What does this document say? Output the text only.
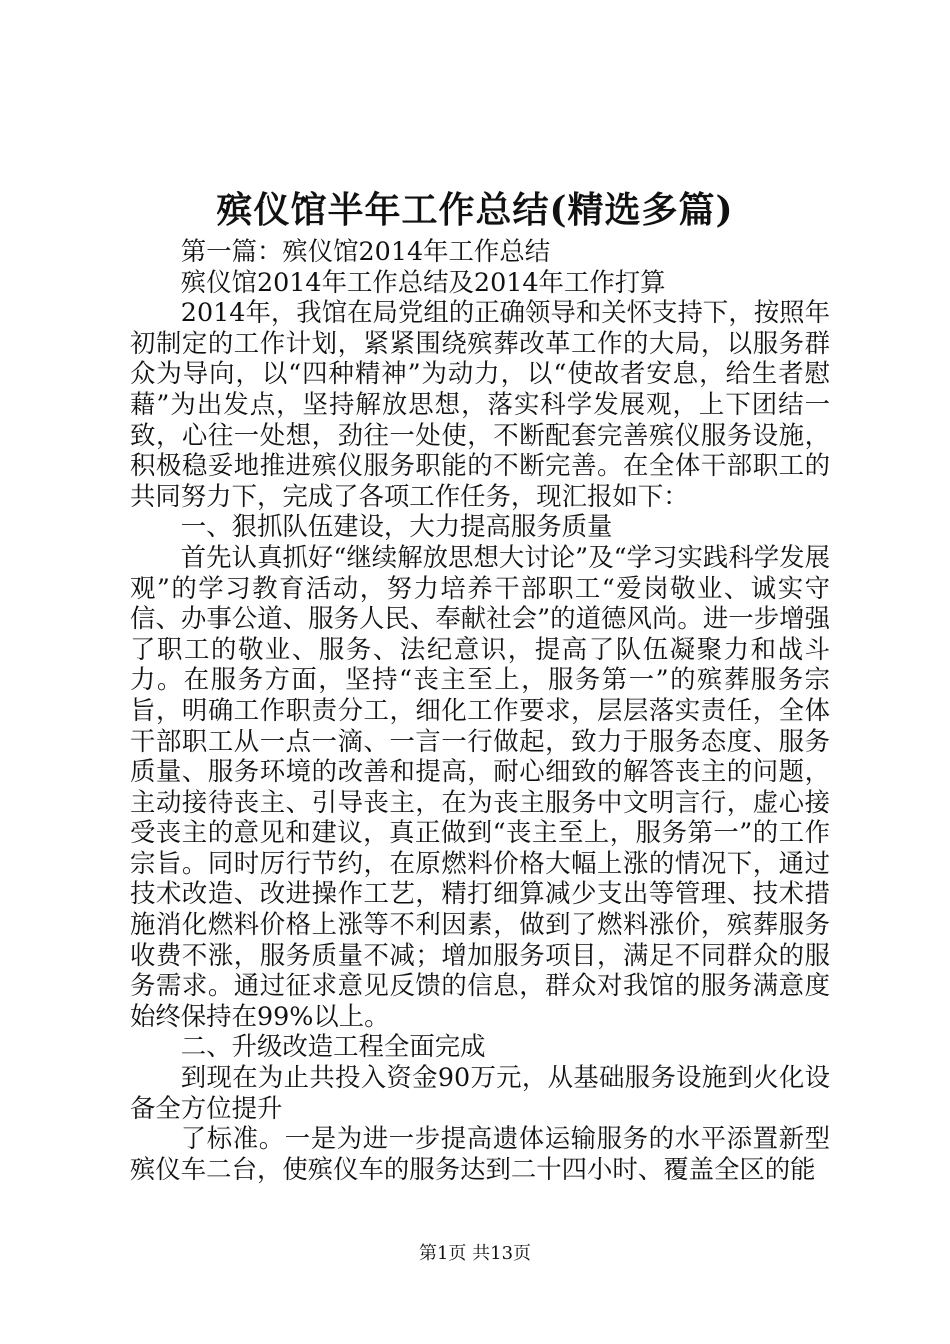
殡仪馆半年工作总结(精选多篇)

第一篇：殡仪馆2014年工作总结

殡仪馆2014年工作总结及2014年工作打算

2014年，我馆在局党组的正确领导和关怀支持下，按照年初制定的工作计划，紧紧围绕殡葬改革工作的大局，以服务群众为导向，以“四种精神”为动力，以“使故者安息，给生者慰藉”为出发点，坚持解放思想，落实科学发展观，上下团结一致，心往一处想，劲往一处使，不断配套完善殡仪服务设施，积极稳妥地推进殡仪服务职能的不断完善。在全体干部职工的共同努力下，完成了各项工作任务，现汇报如下：

一、狠抓队伍建设，大力提高服务质量

首先认真抓好“继续解放思想大讨论”及“学习实践科学发展观”的学习教育活动，努力培养干部职工“爱岗敬业、诚实守信、办事公道、服务人民、奉献社会”的道德风尚。进一步增强了职工的敬业、服务、法纪意识，提高了队伍凝聚力和战斗力。在服务方面，坚持“丧主至上，服务第一”的殡葬服务宗旨，明确工作职责分工，细化工作要求，层层落实责任，全体干部职工从一点一滴、一言一行做起，致力于服务态度、服务质量、服务环境的改善和提高，耐心细致的解答丧主的问题，主动接待丧主、引导丧主，在为丧主服务中文明言行，虚心接受丧主的意见和建议，真正做到“丧主至上，服务第一”的工作宗旨。同时厉行节约，在原燃料价格大幅上涨的情况下，通过技术改造、改进操作工艺，精打细算减少支出等管理、技术措施消化燃料价格上涨等不利因素，做到了燃料涨价，殡葬服务收费不涨，服务质量不减；增加服务项目，满足不同群众的服务需求。通过征求意见反馈的信息，群众对我馆的服务满意度始终保持在99%以上。

二、升级改造工程全面完成

到现在为止共投入资金90万元，从基础服务设施到火化设备全方位提升

了标准。一是为进一步提高遗体运输服务的水平添置新型殡仪车二台，使殡仪车的服务达到二十四小时、覆盖全区的能

第1页 共13页
